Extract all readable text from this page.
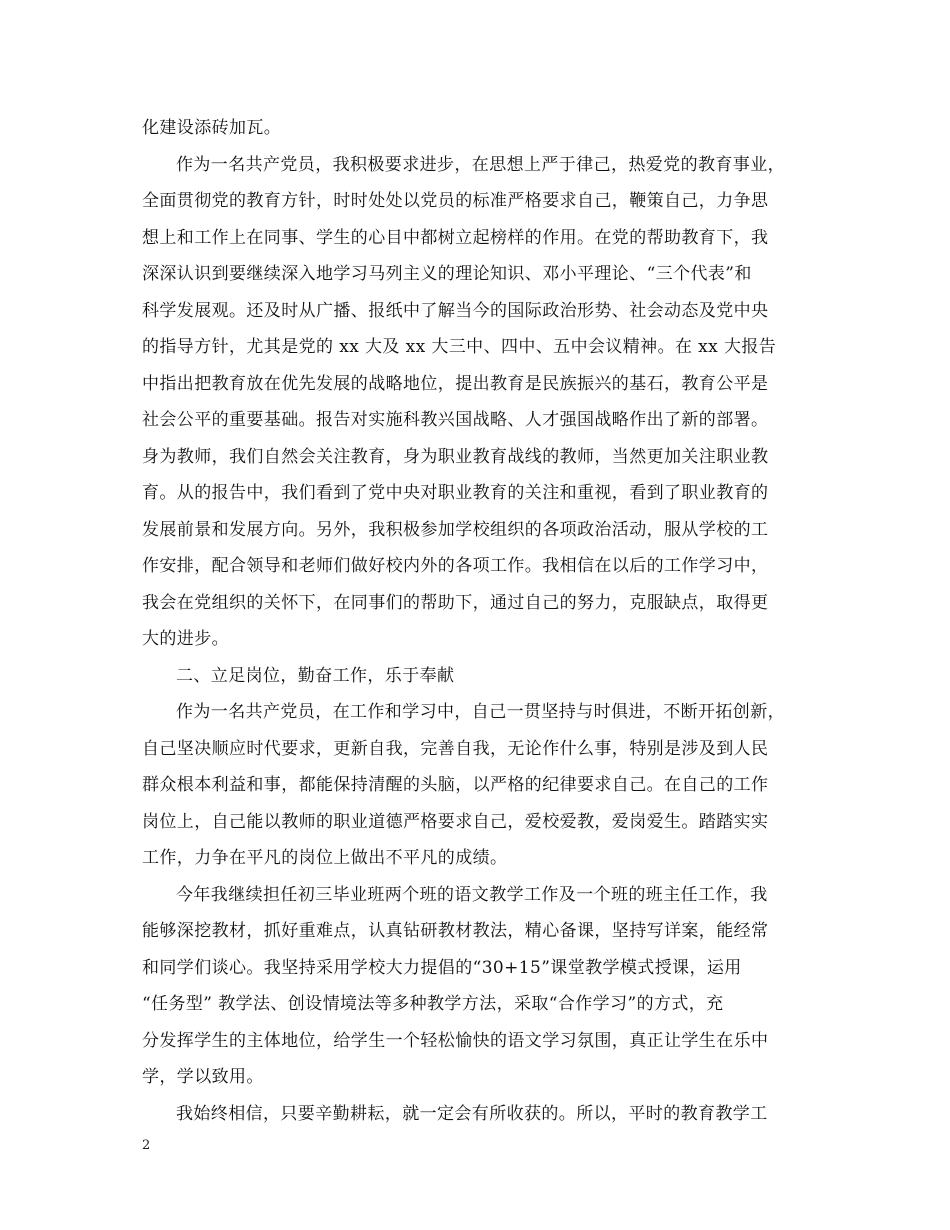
化建设添砖加瓦。
作为一名共产党员，我积极要求进步，在思想上严于律己，热爱党的教育事业，
全面贯彻党的教育方针，时时处处以党员的标准严格要求自己，鞭策自己，力争思
想上和工作上在同事、学生的心目中都树立起榜样的作用。在党的帮助教育下，我
深深认识到要继续深入地学习马列主义的理论知识、邓小平理论、“三个代表”和
科学发展观。还及时从广播、报纸中了解当今的国际政治形势、社会动态及党中央
的指导方针，尤其是党的 xx 大及 xx 大三中、四中、五中会议精神。在 xx 大报告
中指出把教育放在优先发展的战略地位，提出教育是民族振兴的基石，教育公平是
社会公平的重要基础。报告对实施科教兴国战略、人才强国战略作出了新的部署。
身为教师，我们自然会关注教育，身为职业教育战线的教师，当然更加关注职业教
育。从的报告中，我们看到了党中央对职业教育的关注和重视，看到了职业教育的
发展前景和发展方向。另外，我积极参加学校组织的各项政治活动，服从学校的工
作安排，配合领导和老师们做好校内外的各项工作。我相信在以后的工作学习中，
我会在党组织的关怀下，在同事们的帮助下，通过自己的努力，克服缺点，取得更
大的进步。
二、立足岗位，勤奋工作，乐于奉献
作为一名共产党员，在工作和学习中，自己一贯坚持与时俱进，不断开拓创新，
自己坚决顺应时代要求，更新自我，完善自我，无论作什么事，特别是涉及到人民
群众根本利益和事，都能保持清醒的头脑，以严格的纪律要求自己。在自己的工作
岗位上，自己能以教师的职业道德严格要求自己，爱校爱教，爱岗爱生。踏踏实实
工作，力争在平凡的岗位上做出不平凡的成绩。
今年我继续担任初三毕业班两个班的语文教学工作及一个班的班主任工作，我
能够深挖教材，抓好重难点，认真钻研教材教法，精心备课，坚持写详案，能经常
和同学们谈心。我坚持采用学校大力提倡的“30+15”课堂教学模式授课，运用
“任务型” 教学法、创设情境法等多种教学方法，采取“合作学习”的方式，充
分发挥学生的主体地位，给学生一个轻松愉快的语文学习氛围，真正让学生在乐中
学，学以致用。
我始终相信，只要辛勤耕耘，就一定会有所收获的。所以，平时的教育教学工
2
